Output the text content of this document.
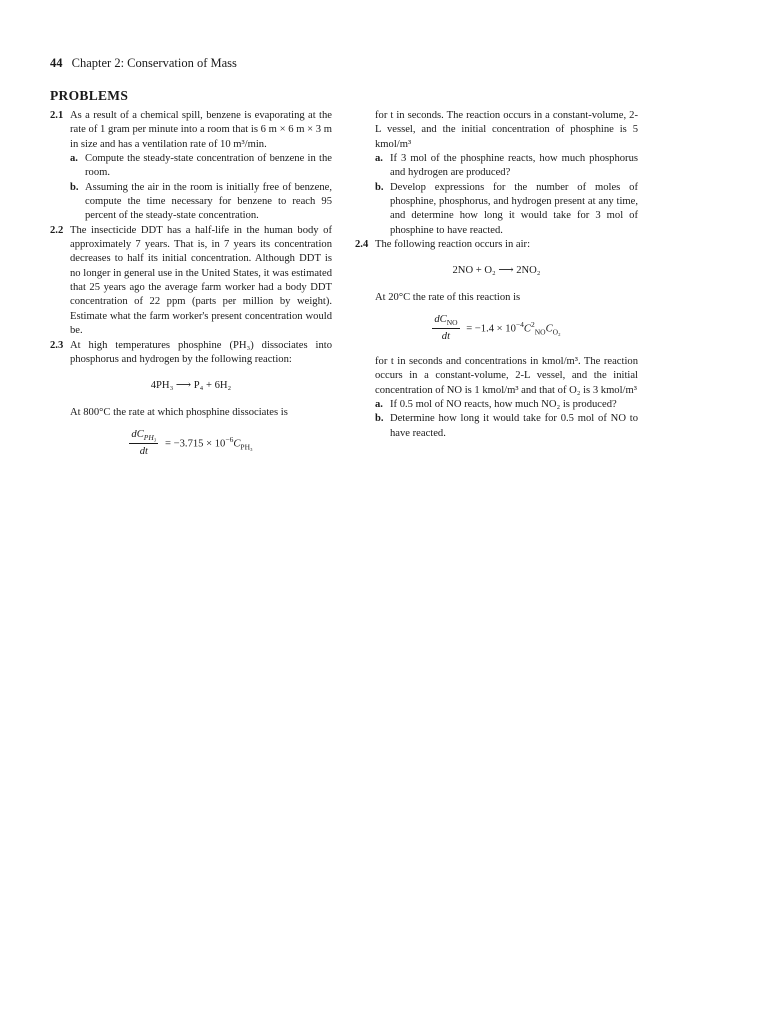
44 Chapter 2: Conservation of Mass
PROBLEMS
2.1 As a result of a chemical spill, benzene is evaporating at the rate of 1 gram per minute into a room that is 6 m × 6 m × 3 m in size and has a ventilation rate of 10 m³/min.
a. Compute the steady-state concentration of benzene in the room.
b. Assuming the air in the room is initially free of benzene, compute the time necessary for benzene to reach 95 percent of the steady-state concentration.
2.2 The insecticide DDT has a half-life in the human body of approximately 7 years. That is, in 7 years its concentration decreases to half its initial concentration. Although DDT is no longer in general use in the United States, it was estimated that 25 years ago the average farm worker had a body DDT concentration of 22 ppm (parts per million by weight). Estimate what the farm worker's present concentration would be.
2.3 At high temperatures phosphine (PH₃) dissociates into phosphorus and hydrogen by the following reaction:
4PH₃ ⟶ P₄ + 6H₂
At 800°C the rate at which phosphine dissociates is
$\frac{dC_{PH_3}}{dt} = -3.715 \times 10^{-6}C_{PH_3}$
for t in seconds. The reaction occurs in a constant-volume, 2-L vessel, and the initial concentration of phosphine is 5 kmol/m³
a. If 3 mol of the phosphine reacts, how much phosphorus and hydrogen are produced?
b. Develop expressions for the number of moles of phosphine, phosphorus, and hydrogen present at any time, and determine how long it would take for 3 mol of phosphine to have reacted.
2.4 The following reaction occurs in air:
2NO + O₂ ⟶ 2NO₂
At 20°C the rate of this reaction is
$\frac{dC_{NO}}{dt} = -1.4 \times 10^{-4}C^2_{NO}C_{O_2}$
for t in seconds and concentrations in kmol/m³. The reaction occurs in a constant-volume, 2-L vessel, and the initial concentration of NO is 1 kmol/m³ and that of O₂ is 3 kmol/m³
a. If 0.5 mol of NO reacts, how much NO₂ is produced?
b. Determine how long it would take for 0.5 mol of NO to have reacted.
